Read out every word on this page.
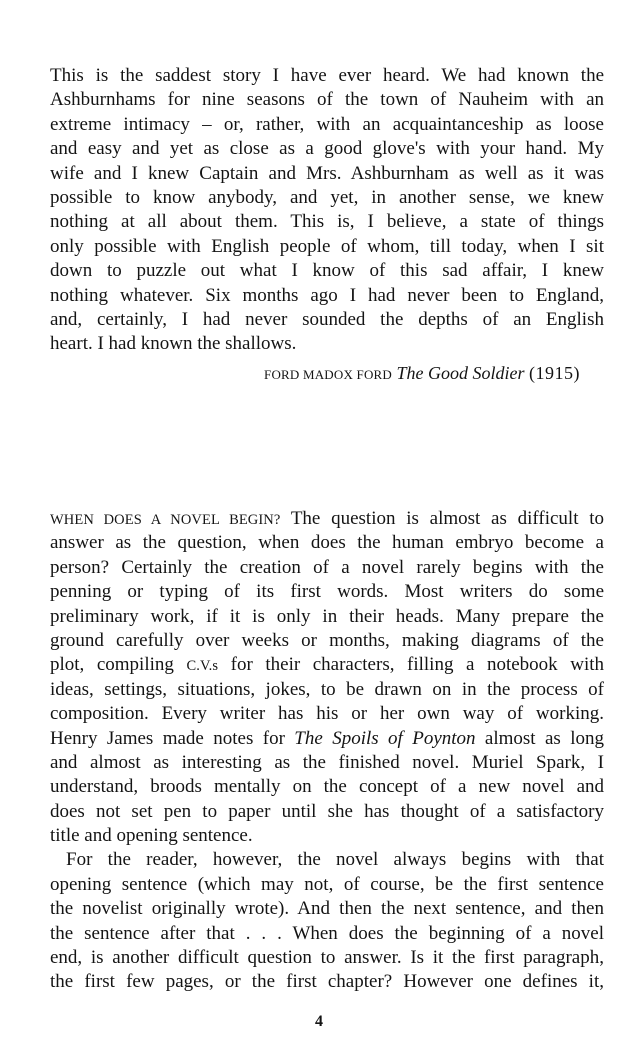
This is the saddest story I have ever heard. We had known the
Ashburnhams for nine seasons of the town of Nauheim with an
extreme intimacy – or, rather, with an acquaintanceship as loose
and easy and yet as close as a good glove's with your hand. My
wife and I knew Captain and Mrs. Ashburnham as well as it was
possible to know anybody, and yet, in another sense, we knew
nothing at all about them. This is, I believe, a state of things
only possible with English people of whom, till today, when I sit
down to puzzle out what I know of this sad affair, I knew
nothing whatever. Six months ago I had never been to England,
and, certainly, I had never sounded the depths of an English
heart. I had known the shallows.
FORD MADOX FORD The Good Soldier (1915)
WHEN DOES A NOVEL BEGIN? The question is almost as difficult to
answer as the question, when does the human embryo become a
person? Certainly the creation of a novel rarely begins with the
penning or typing of its first words. Most writers do some
preliminary work, if it is only in their heads. Many prepare the
ground carefully over weeks or months, making diagrams of the
plot, compiling C.V.s for their characters, filling a notebook with
ideas, settings, situations, jokes, to be drawn on in the process of
composition. Every writer has his or her own way of working.
Henry James made notes for The Spoils of Poynton almost as long
and almost as interesting as the finished novel. Muriel Spark, I
understand, broods mentally on the concept of a new novel and
does not set pen to paper until she has thought of a satisfactory
title and opening sentence.
For the reader, however, the novel always begins with that
opening sentence (which may not, of course, be the first sentence
the novelist originally wrote). And then the next sentence, and then
the sentence after that . . . When does the beginning of a novel
end, is another difficult question to answer. Is it the first paragraph,
the first few pages, or the first chapter? However one defines it,
4
